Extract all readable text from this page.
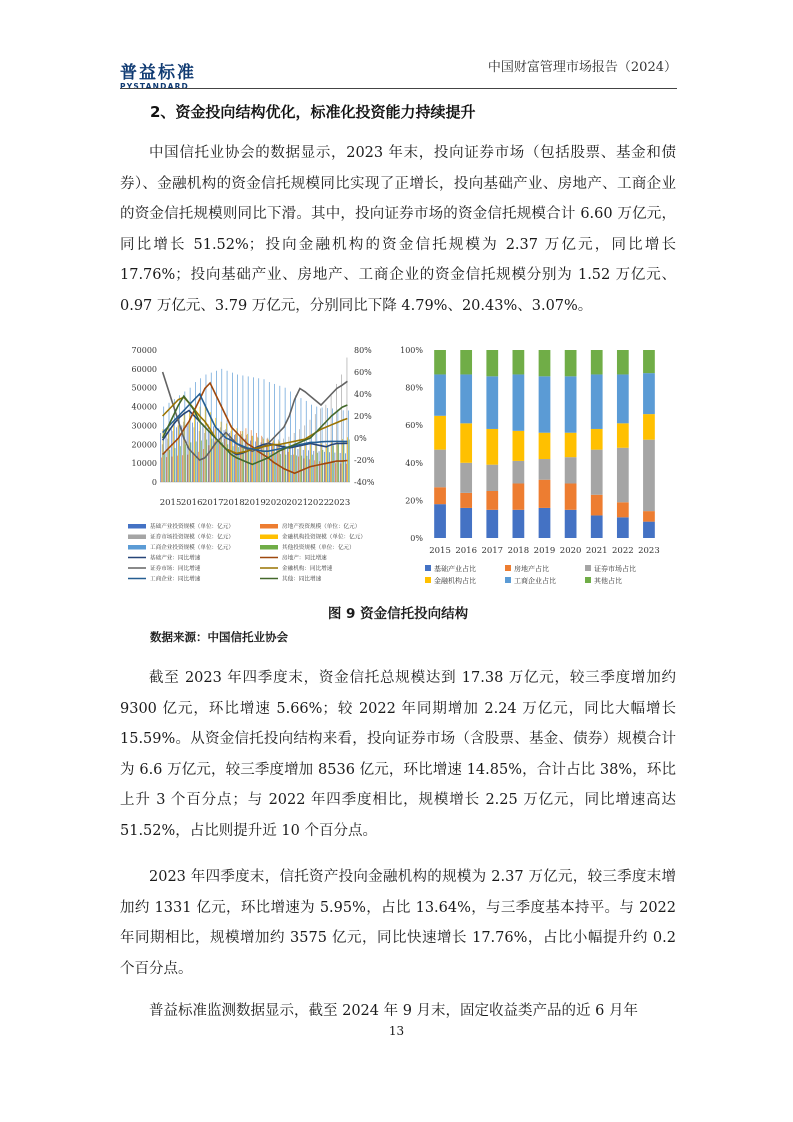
普益标准
PYSTANDARD
中国财富管理市场报告（2024）
2、资金投向结构优化，标准化投资能力持续提升
中国信托业协会的数据显示，2023 年末，投向证券市场（包括股票、基金和债券）、金融机构的资金信托规模同比实现了正增长，投向基础产业、房地产、工商企业的资金信托规模则同比下滑。其中，投向证券市场的资金信托规模合计 6.60 万亿元，同比增长 51.52%；投向金融机构的资金信托规模为 2.37 万亿元，同比增长 17.76%；投向基础产业、房地产、工商企业的资金信托规模分别为 1.52 万亿元、0.97 万亿元、3.79 万亿元，分别同比下降 4.79%、20.43%、3.07%。
0
10000
20000
30000
40000
50000
60000
70000
-40%
-20%
0%
20%
40%
60%
80%
2015 2016 2017 2018 2019 2020 2021 2022 2023
基础产业投资规模（单位：亿元）	房地产投资规模（单位：亿元）
证券市场投资规模（单位：亿元）	金融机构投资规模（单位：亿元）
工商企业投资规模（单位：亿元）	其他投资规模（单位：亿元）
基础产业：同比增速	房地产：同比增速
证券市场：同比增速	金融机构：同比增速
工商企业：同比增速	其他：同比增速
0%
20%
40%
60%
80%
100%
2015 2016 2017 2018 2019 2020 2021 2022 2023
基础产业占比	房地产占比	证券市场占比
金融机构占比	工商企业占比	其他占比
图 9 资金信托投向结构
数据来源：中国信托业协会
截至 2023 年四季度末，资金信托总规模达到 17.38 万亿元，较三季度增加约 9300 亿元，环比增速 5.66%；较 2022 年同期增加 2.24 万亿元，同比大幅增长 15.59%。从资金信托投向结构来看，投向证券市场（含股票、基金、债券）规模合计为 6.6 万亿元，较三季度增加 8536 亿元，环比增速 14.85%，合计占比 38%，环比上升 3 个百分点；与 2022 年四季度相比，规模增长 2.25 万亿元，同比增速高达 51.52%，占比则提升近 10 个百分点。
2023 年四季度末，信托资产投向金融机构的规模为 2.37 万亿元，较三季度末增加约 1331 亿元，环比增速为 5.95%，占比 13.64%，与三季度基本持平。与 2022 年同期相比，规模增加约 3575 亿元，同比快速增长 17.76%，占比小幅提升约 0.2 个百分点。
普益标准监测数据显示，截至 2024 年 9 月末，固定收益类产品的近 6 月年
13
